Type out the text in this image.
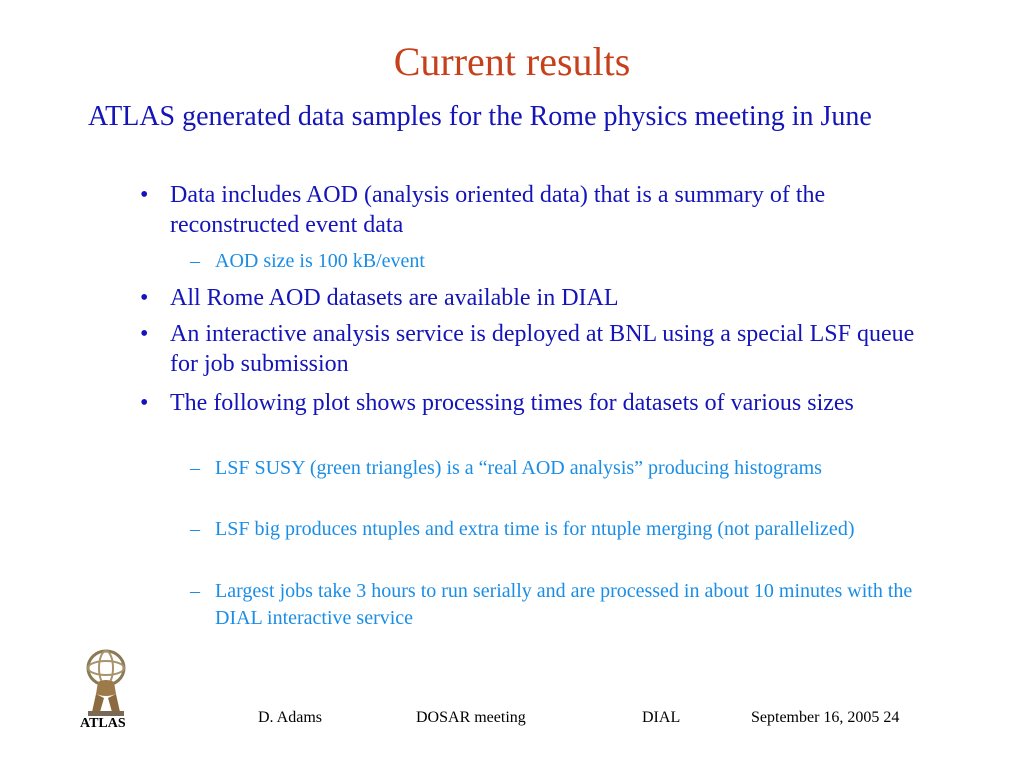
Current results
ATLAS generated data samples for the Rome physics meeting in June
• Data includes AOD (analysis oriented data) that is a summary of the reconstructed event data
– AOD size is 100 kB/event
• All Rome AOD datasets are available in DIAL
• An interactive analysis service is deployed at BNL using a special LSF queue for job submission
• The following plot shows processing times for datasets of various sizes
– LSF SUSY (green triangles) is a “real AOD analysis” producing histograms
– LSF big produces ntuples and extra time is for ntuple merging (not parallelized)
– Largest jobs take 3 hours to run serially and are processed in about 10 minutes with the DIAL interactive service
ATLAS	D. Adams	DOSAR meeting	DIAL	September 16, 2005 24
